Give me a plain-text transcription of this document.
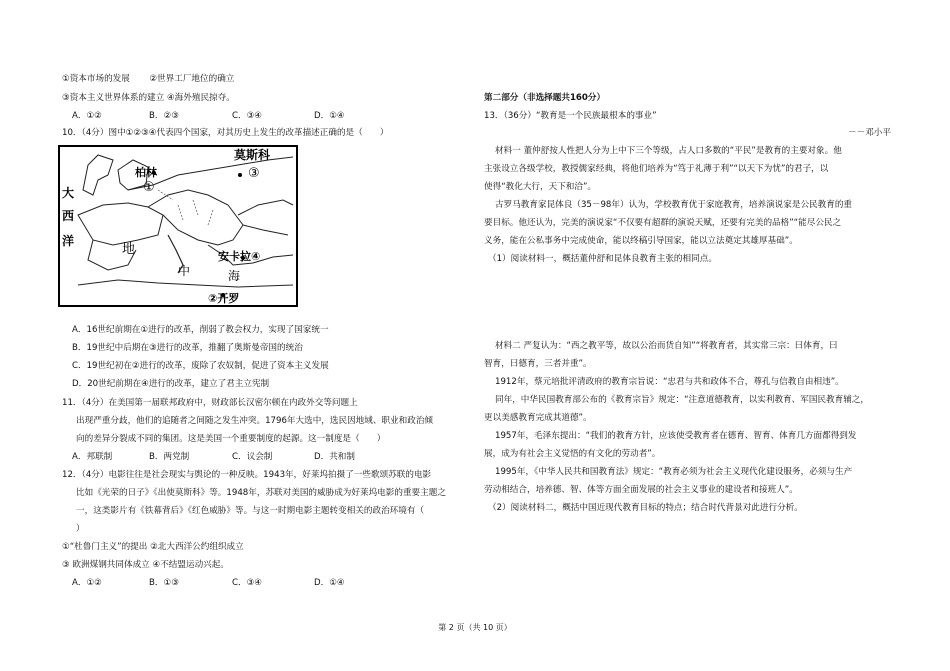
①资本市场的发展 ②世界工厂地位的确立
③资本主义世界体系的建立 ④海外殖民掠夺。
A．①②	B．②③	C．③④	D．①④
10．（4分）图中①②③④代表四个国家，对其历史上发生的改革描述正确的是（　　）
莫斯科
柏林
①
③
大
西
洋
地
中	海
安卡拉④
②开罗
A．16世纪前期在①进行的改革，削弱了教会权力，实现了国家统一
B．19世纪中后期在③进行的改革，推翻了奥斯曼帝国的统治
C．19世纪初在②进行的改革，废除了农奴制，促进了资本主义发展
D．20世纪前期在④进行的改革，建立了君主立宪制
11．（4分）在美国第一届联邦政府中，财政部长汉密尔顿在内政外交等问题上
出现严重分歧，他们的追随者之间随之发生冲突。1796年大选中，选民因地域、职业和政治倾
向的差异分裂成不同的集团。这是美国一个重要制度的起源。这一制度是（　　）
A．邦联制	B．两党制	C．议会制	D．共和制
12．（4分）电影往往是社会现实与舆论的一种反映。1943年，好莱坞拍摄了一些歌颂苏联的电影
比如《光荣的日子》《出使莫斯科》等。1948年，苏联对美国的威胁成为好莱坞电影的重要主题之
一，这类影片有《铁幕背后》《红色威胁》等。与这一时期电影主题转变相关的政治环境有（
）
①“杜鲁门主义”的提出 ②北大西洋公约组织成立
③ 欧洲煤钢共同体成立 ④不结盟运动兴起。
A．①②	B．①③	C．③④	D．①④
第二部分（非选择题共160分）
13．（36分）“教育是一个民族最根本的事业”
－－邓小平
材料一 董仲舒按人性把人分为上中下三个等级，占人口多数的“平民”是教育的主要对象。他
主张设立各级学校，教授儒家经典，将他们培养为“笃于礼薄于利”“以天下为忧”的君子，以
使得“教化大行，天下和洽”。
古罗马教育家昆体良（35－98年）认为，学校教育优于家庭教育，培养演说家是公民教育的重
要目标。他还认为，完美的演说家“不仅要有超群的演说天赋，还要有完美的品格”“能尽公民之
义务，能在公私事务中完成使命，能以终稿引导国家，能以立法奠定其雄厚基础”。
（1）阅读材料一，概括董仲舒和昆体良教育主张的相同点。
材料二 严复认为：“西之教平等，故以公治而货自知”“将教育者，其实常三宗：曰体育，曰
智育，曰德育，三者并重”。
1912年，蔡元培批评清政府的教育宗旨说：“忠君与共和政体不合，尊孔与信教自由相违”。
同年，中华民国教育部公布的《教育宗旨》规定：“注意道德教育，以实利教育、军国民教育辅之，
更以美感教育完成其道德”。
1957年，毛泽东提出：“我们的教育方针，应该使受教育者在德育、智育、体育几方面都得到发
展，成为有社会主义觉悟的有文化的劳动者”。
1995年，《中华人民共和国教育法》规定：“教育必须为社会主义现代化建设服务，必须与生产
劳动相结合，培养德、智、体等方面全面发展的社会主义事业的建设者和接班人”。
（2）阅读材料二，概括中国近现代教育目标的特点；结合时代背景对此进行分析。
第 2 页（共 10 页）
